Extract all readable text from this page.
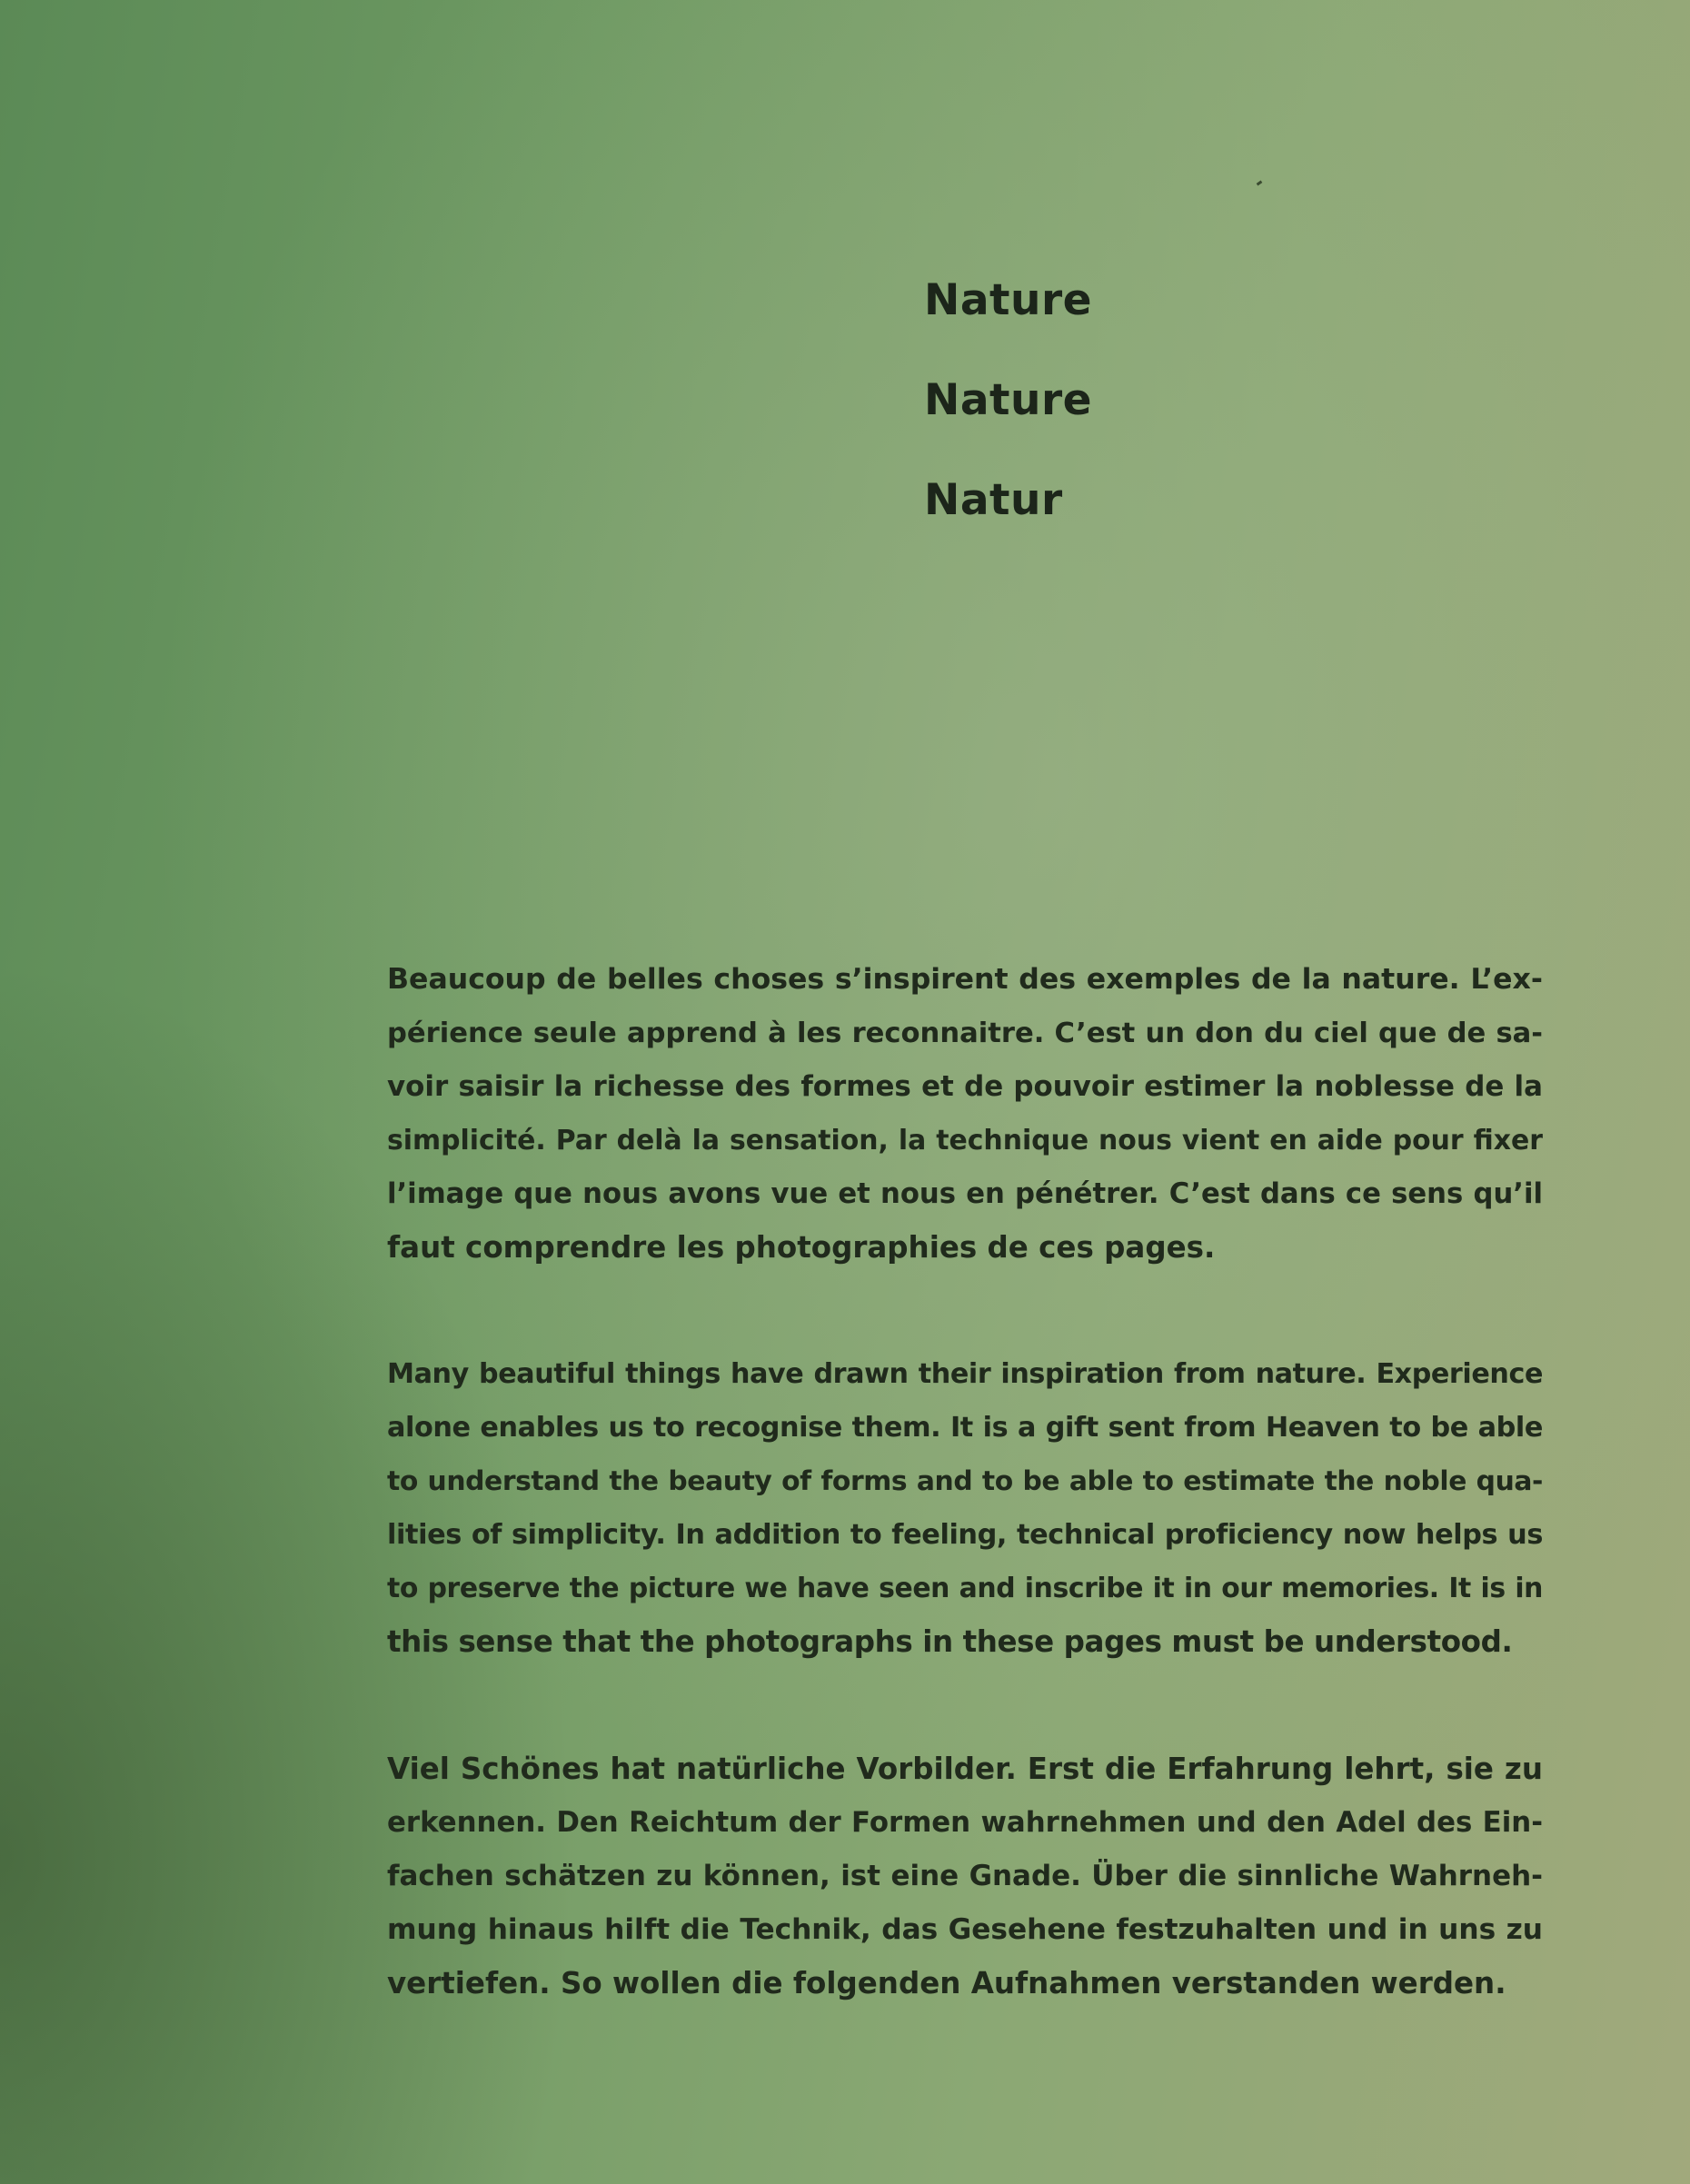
Nature
Nature
Natur
Beaucoup de belles choses s’inspirent des exemples de la nature. L’ex-
périence seule apprend à les reconnaitre. C’est un don du ciel que de sa-
voir saisir la richesse des formes et de pouvoir estimer la noblesse de la
simplicité. Par delà la sensation, la technique nous vient en aide pour fixer
l’image que nous avons vue et nous en pénétrer. C’est dans ce sens qu’il
faut comprendre les photographies de ces pages.
Many beautiful things have drawn their inspiration from nature. Experience
alone enables us to recognise them. It is a gift sent from Heaven to be able
to understand the beauty of forms and to be able to estimate the noble qua-
lities of simplicity. In addition to feeling, technical proficiency now helps us
to preserve the picture we have seen and inscribe it in our memories. It is in
this sense that the photographs in these pages must be understood.
Viel Schönes hat natürliche Vorbilder. Erst die Erfahrung lehrt, sie zu
erkennen. Den Reichtum der Formen wahrnehmen und den Adel des Ein-
fachen schätzen zu können, ist eine Gnade. Über die sinnliche Wahrneh-
mung hinaus hilft die Technik, das Gesehene festzuhalten und in uns zu
vertiefen. So wollen die folgenden Aufnahmen verstanden werden.
